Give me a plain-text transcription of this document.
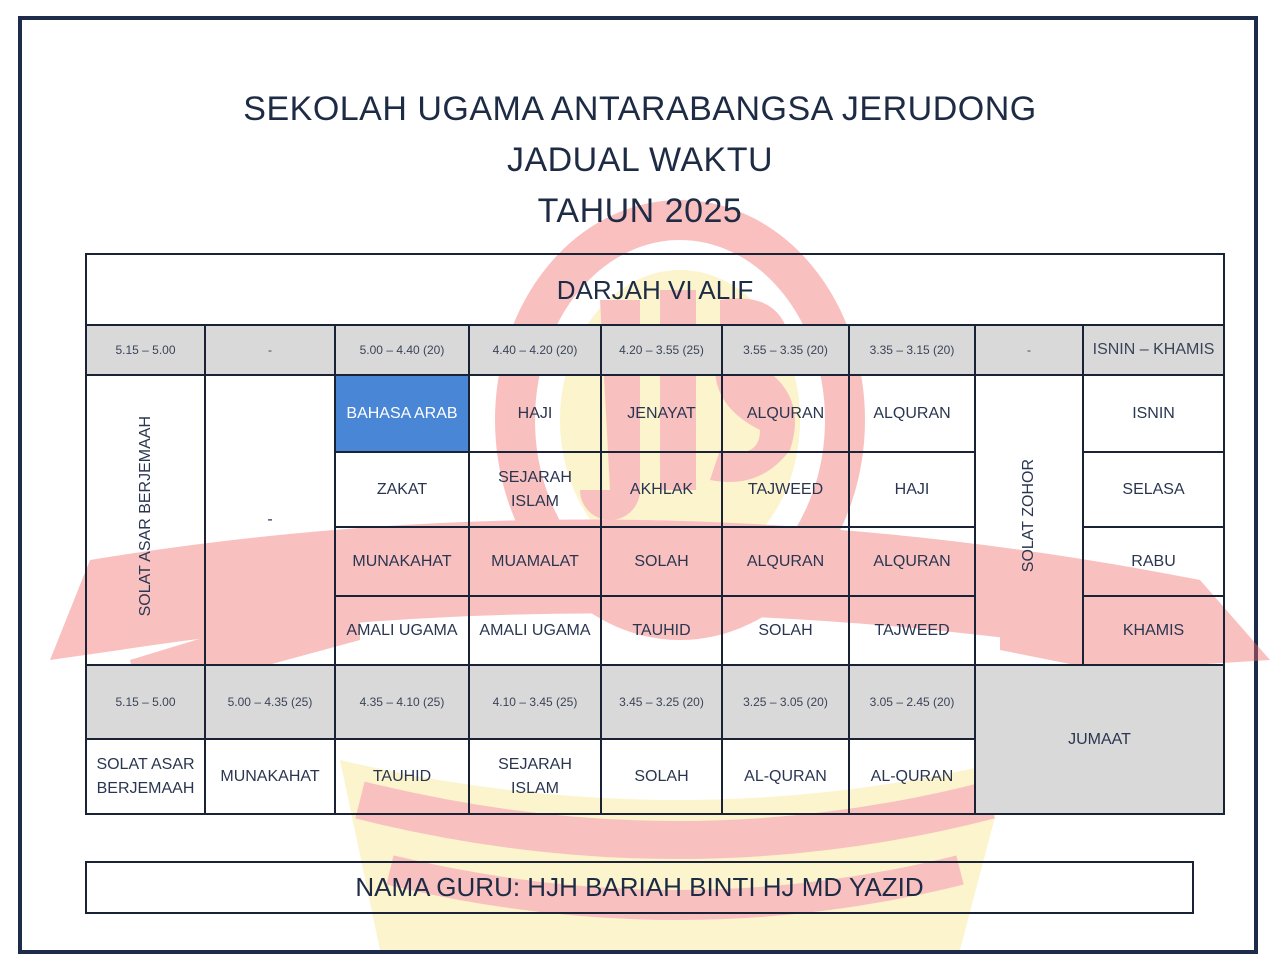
SEKOLAH UGAMA ANTARABANGSA JERUDONG
JADUAL WAKTU
TAHUN 2025
DARJAH VI ALIF								
5.15 – 5.00	-	5.00 – 4.40 (20)	4.40 – 4.20 (20)	4.20 – 3.55 (25)	3.55 – 3.35 (20)	3.35 – 3.15 (20)	-	ISNIN – KHAMIS
SOLAT ASAR BERJEMAAH	-	BAHASA ARAB	HAJI	JENAYAT	ALQURAN	ALQURAN	SOLAT ZOHOR	ISNIN
		ZAKAT	SEJARAH ISLAM	AKHLAK	TAJWEED	HAJI		SELASA
		MUNAKAHAT	MUAMALAT	SOLAH	ALQURAN	ALQURAN		RABU
		AMALI UGAMA	AMALI UGAMA	TAUHID	SOLAH	TAJWEED		KHAMIS
5.15 – 5.00	5.00 – 4.35 (25)	4.35 – 4.10 (25)	4.10 – 3.45 (25)	3.45 – 3.25 (20)	3.25 – 3.05 (20)	3.05 – 2.45 (20)	JUMAAT	
SOLAT ASAR BERJEMAAH	MUNAKAHAT	TAUHID	SEJARAH ISLAM	SOLAH	AL-QURAN	AL-QURAN		
NAMA GURU: HJH BARIAH BINTI HJ MD YAZID
